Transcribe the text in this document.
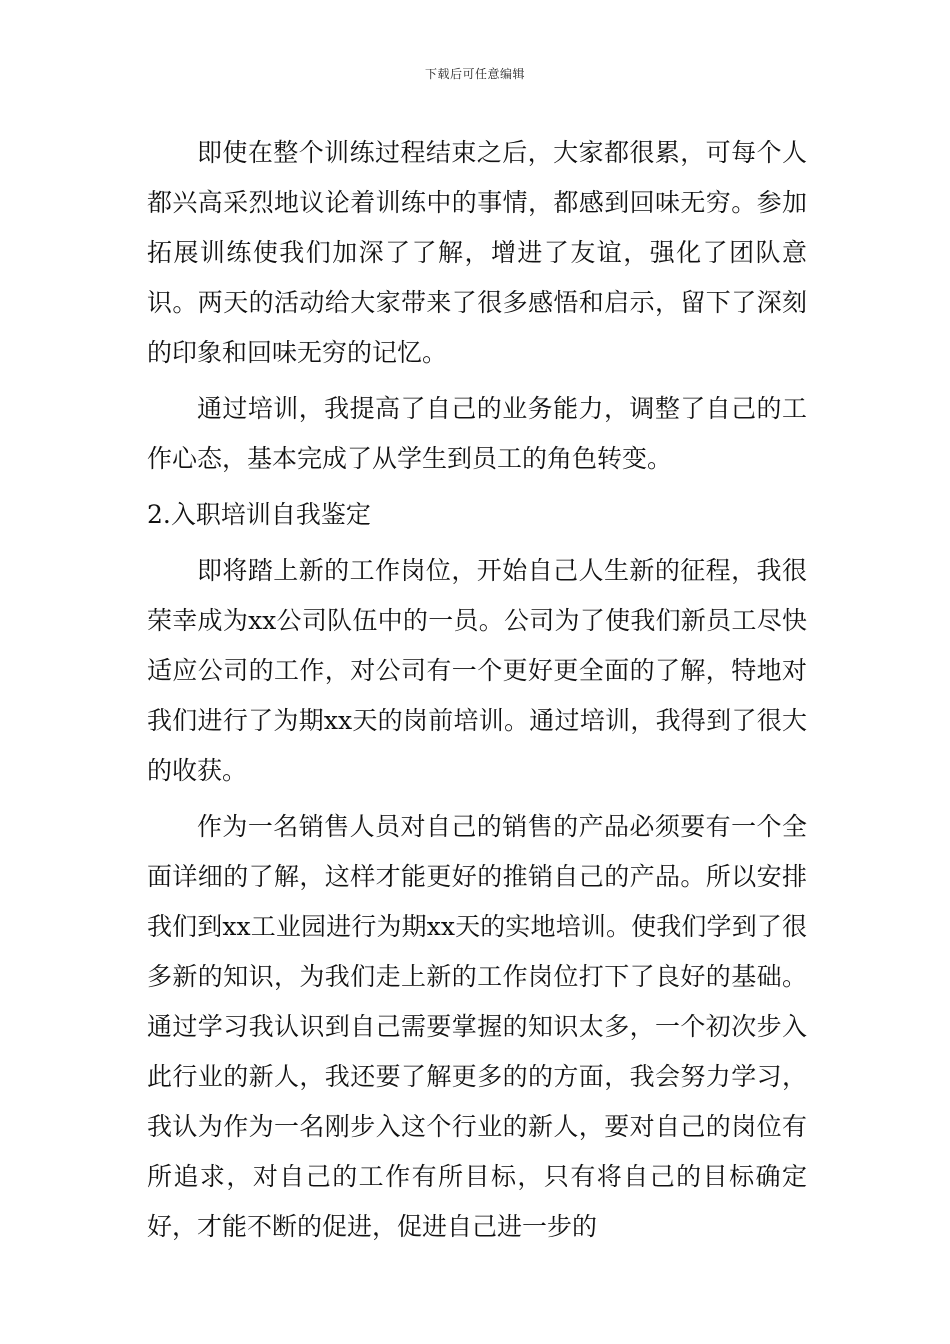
下载后可任意编辑

即使在整个训练过程结束之后，大家都很累，可每个人都兴高采烈地议论着训练中的事情，都感到回味无穷。参加拓展训练使我们加深了了解，增进了友谊，强化了团队意识。两天的活动给大家带来了很多感悟和启示，留下了深刻的印象和回味无穷的记忆。

通过培训，我提高了自己的业务能力，调整了自己的工作心态，基本完成了从学生到员工的角色转变。

2.入职培训自我鉴定

即将踏上新的工作岗位，开始自己人生新的征程，我很荣幸成为xx公司队伍中的一员。公司为了使我们新员工尽快适应公司的工作，对公司有一个更好更全面的了解，特地对我们进行了为期xx天的岗前培训。通过培训，我得到了很大的收获。

作为一名销售人员对自己的销售的产品必须要有一个全面详细的了解，这样才能更好的推销自己的产品。所以安排我们到xx工业园进行为期xx天的实地培训。使我们学到了很多新的知识，为我们走上新的工作岗位打下了良好的基础。通过学习我认识到自己需要掌握的知识太多，一个初次步入此行业的新人，我还要了解更多的的方面，我会努力学习，我认为作为一名刚步入这个行业的新人，要对自己的岗位有所追求，对自己的工作有所目标，只有将自己的目标确定好，才能不断的促进，促进自己进一步的
